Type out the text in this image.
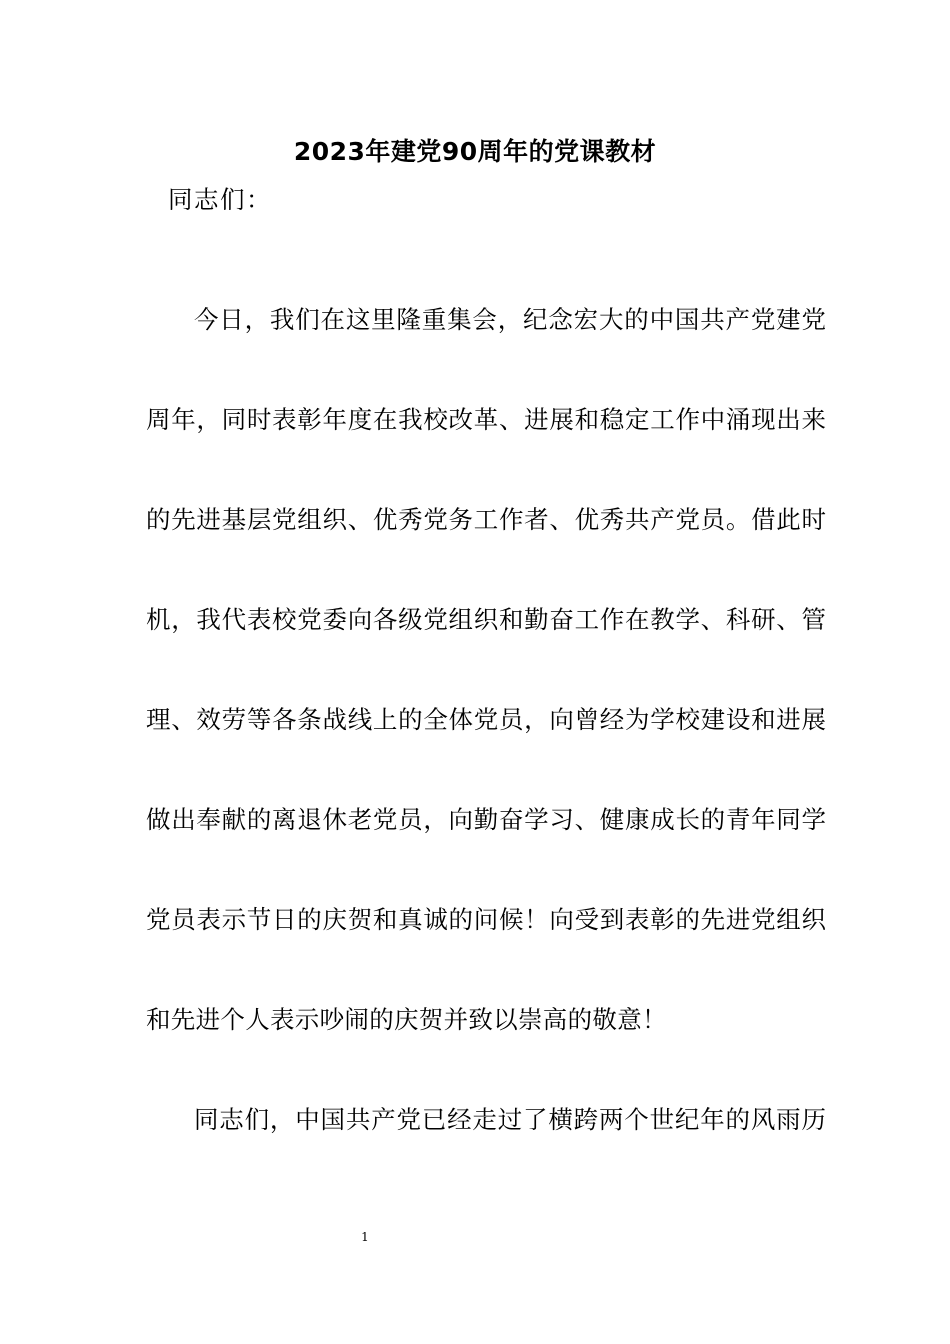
2023年建党90周年的党课教材
同志们：
今日，我们在这里隆重集会，纪念宏大的中国共产党建党
周年，同时表彰年度在我校改革、进展和稳定工作中涌现出来
的先进基层党组织、优秀党务工作者、优秀共产党员。借此时
机，我代表校党委向各级党组织和勤奋工作在教学、科研、管
理、效劳等各条战线上的全体党员，向曾经为学校建设和进展
做出奉献的离退休老党员，向勤奋学习、健康成长的青年同学
党员表示节日的庆贺和真诚的问候！向受到表彰的先进党组织
和先进个人表示吵闹的庆贺并致以崇高的敬意！
同志们，中国共产党已经走过了横跨两个世纪年的风雨历
1
